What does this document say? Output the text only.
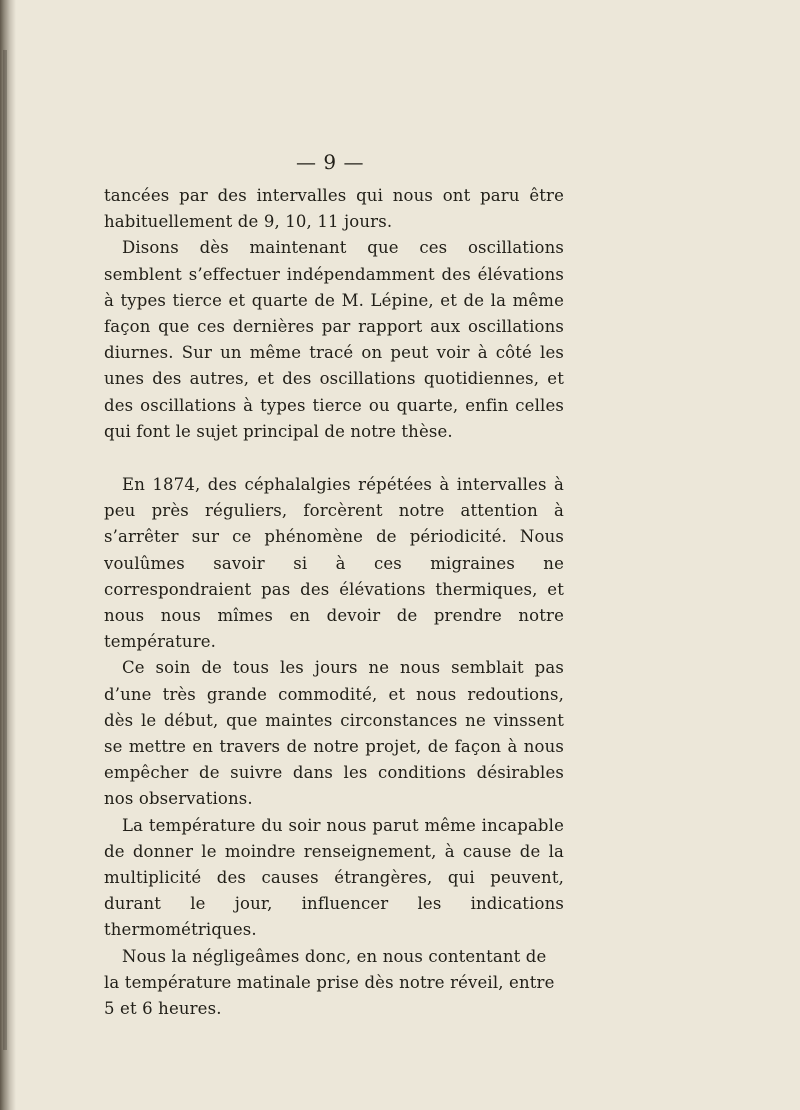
— 9 —

tancées par des intervalles qui nous ont paru être habituellement de 9, 10, 11 jours.

Disons dès maintenant que ces oscillations semblent s’effectuer indépendamment des élévations à types tierce et quarte de M. Lépine, et de la même façon que ces dernières par rapport aux oscillations diurnes. Sur un même tracé on peut voir à côté les unes des autres, et des oscillations quotidiennes, et des oscillations à types tierce ou quarte, enfin celles qui font le sujet principal de notre thèse.

En 1874, des céphalalgies répétées à intervalles à peu près réguliers, forcèrent notre attention à s’arrêter sur ce phénomène de périodicité. Nous voulûmes savoir si à ces migraines ne correspondraient pas des élévations thermiques, et nous nous mîmes en devoir de prendre notre température.

Ce soin de tous les jours ne nous semblait pas d’une très grande commodité, et nous redoutions, dès le début, que maintes circonstances ne vinssent se mettre en travers de notre projet, de façon à nous empêcher de suivre dans les conditions désirables nos observations.

La température du soir nous parut même incapable de donner le moindre renseignement, à cause de la multiplicité des causes étrangères, qui peuvent, durant le jour, influencer les indications thermométriques.

Nous la négligeâmes donc, en nous contentant de la température matinale prise dès notre réveil, entre 5 et 6 heures.
